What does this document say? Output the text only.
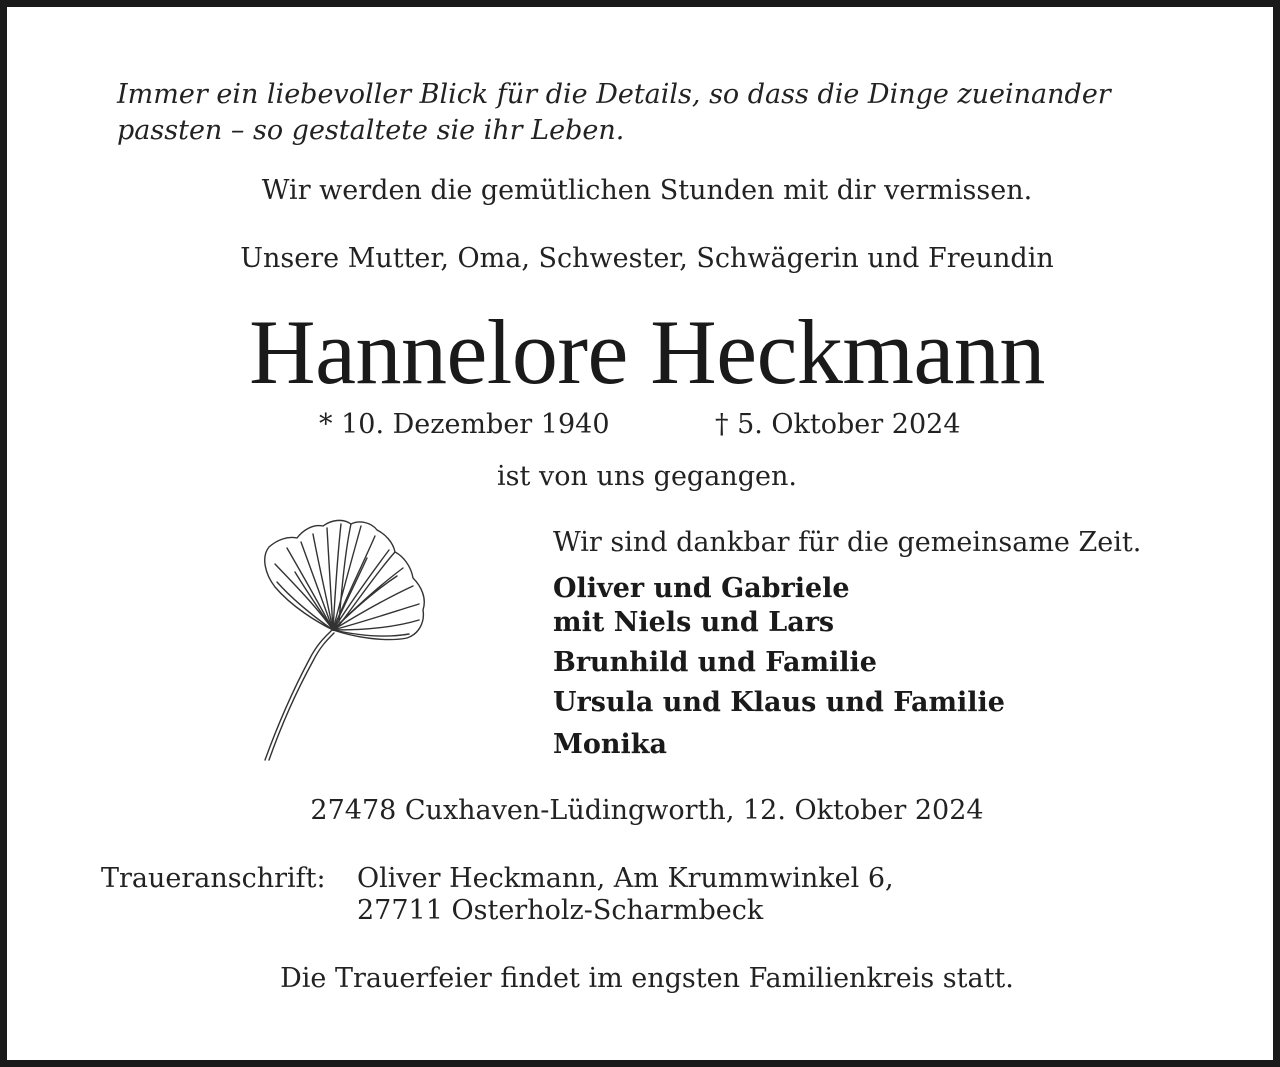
Immer ein liebevoller Blick für die Details, so dass die Dinge zueinander
passten – so gestaltete sie ihr Leben.
Wir werden die gemütlichen Stunden mit dir vermissen.
Unsere Mutter, Oma, Schwester, Schwägerin und Freundin
Hannelore Heckmann
* 10. Dezember 1940	† 5. Oktober 2024
ist von uns gegangen.
Wir sind dankbar für die gemeinsame Zeit.
Oliver und Gabriele
mit Niels und Lars
Brunhild und Familie
Ursula und Klaus und Familie
Monika
27478 Cuxhaven-Lüdingworth, 12. Oktober 2024
Traueranschrift: Oliver Heckmann, Am Krummwinkel 6,
27711 Osterholz-Scharmbeck
Die Trauerfeier findet im engsten Familienkreis statt.
